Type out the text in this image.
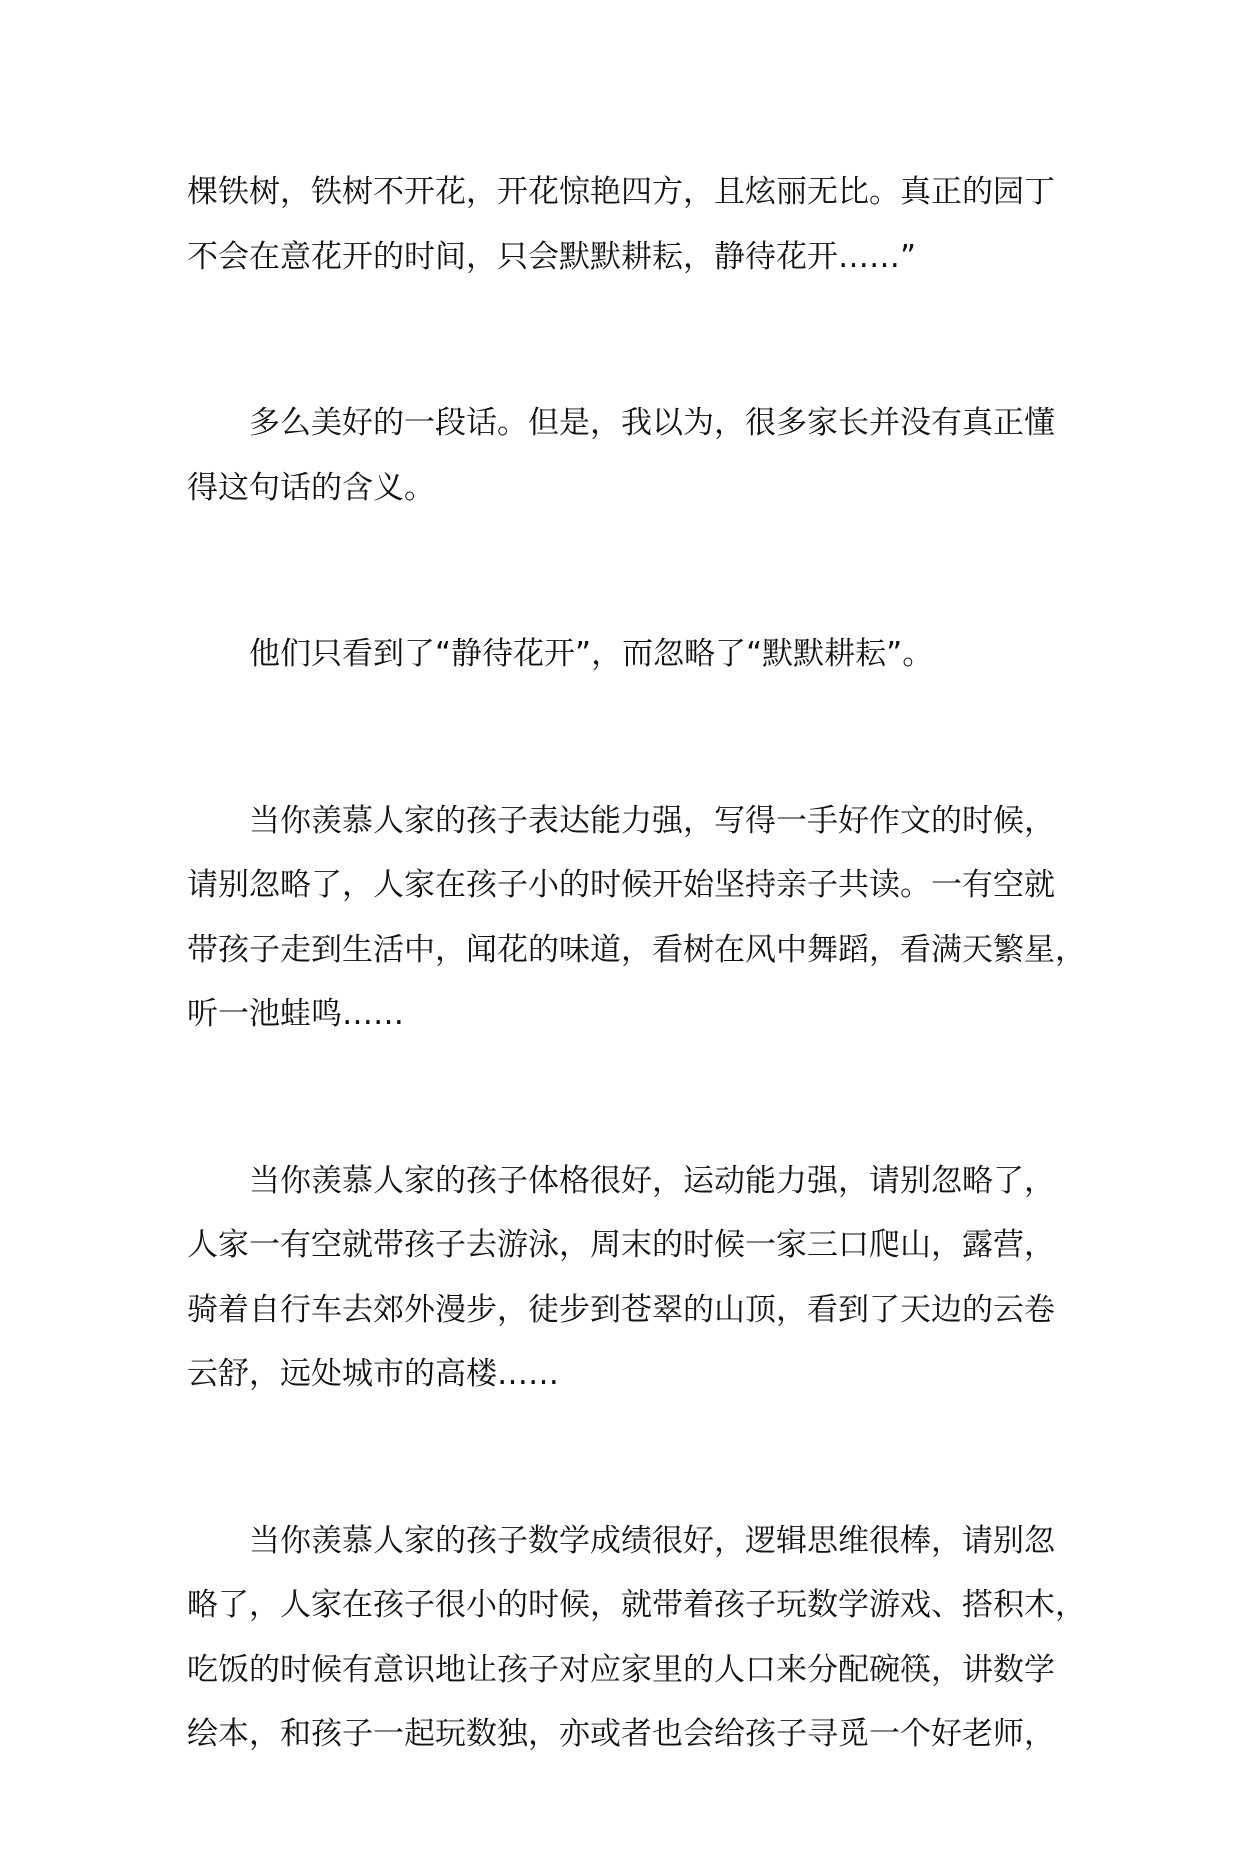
棵铁树，铁树不开花，开花惊艳四方，且炫丽无比。真正的园丁
不会在意花开的时间，只会默默耕耘，静待花开……”
多么美好的一段话。但是，我以为，很多家长并没有真正懂
得这句话的含义。
他们只看到了“静待花开”，而忽略了“默默耕耘”。
当你羡慕人家的孩子表达能力强，写得一手好作文的时候，
请别忽略了，人家在孩子小的时候开始坚持亲子共读。一有空就
带孩子走到生活中，闻花的味道，看树在风中舞蹈，看满天繁星，
听一池蛙鸣……
当你羡慕人家的孩子体格很好，运动能力强，请别忽略了，
人家一有空就带孩子去游泳，周末的时候一家三口爬山，露营，
骑着自行车去郊外漫步，徒步到苍翠的山顶，看到了天边的云卷
云舒，远处城市的高楼……
当你羡慕人家的孩子数学成绩很好，逻辑思维很棒，请别忽
略了，人家在孩子很小的时候，就带着孩子玩数学游戏、搭积木，
吃饭的时候有意识地让孩子对应家里的人口来分配碗筷，讲数学
绘本，和孩子一起玩数独，亦或者也会给孩子寻觅一个好老师，
